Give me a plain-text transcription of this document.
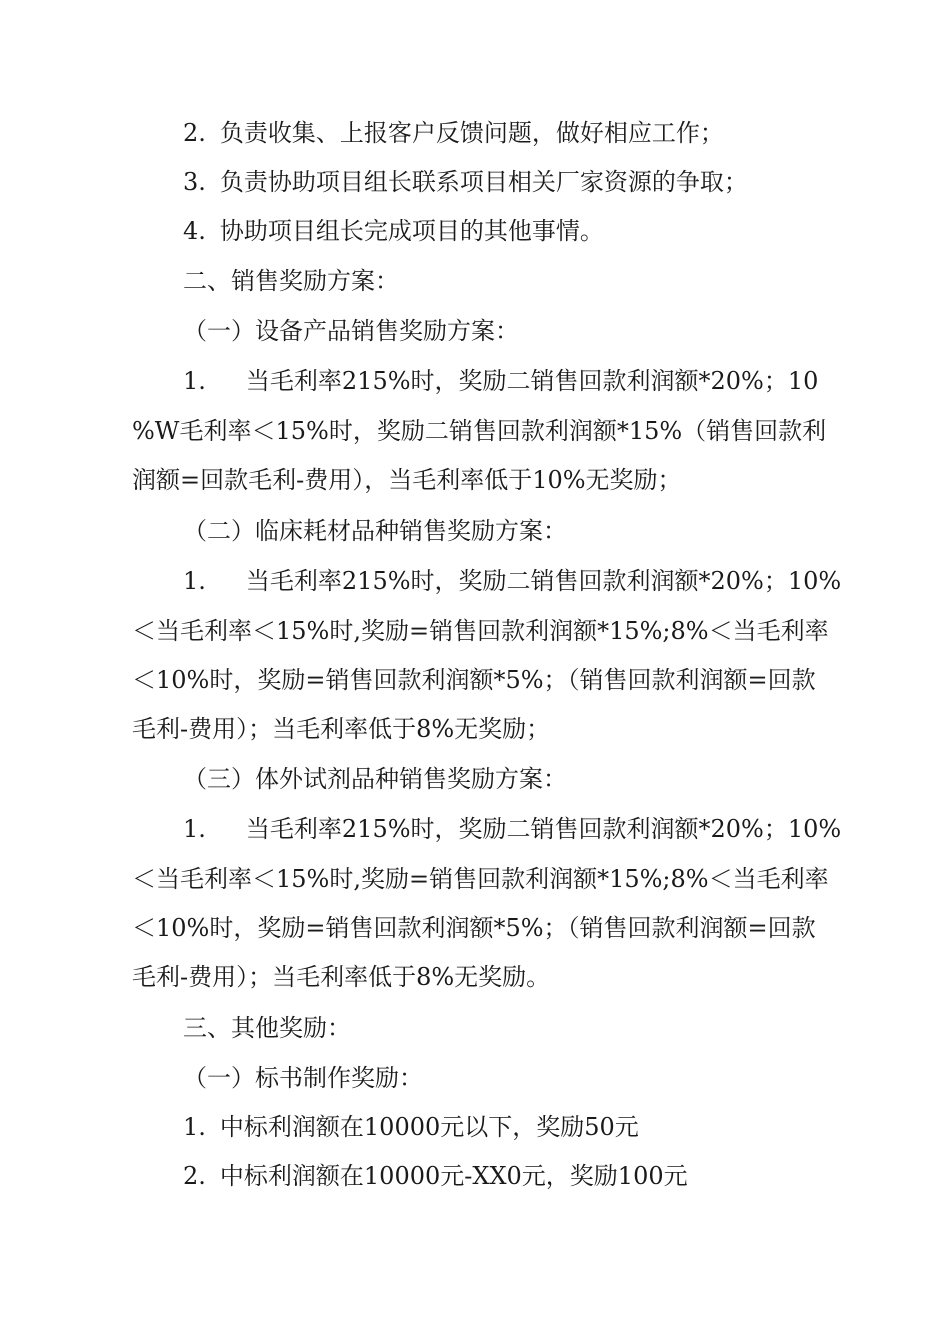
2. 负责收集、上报客户反馈问题，做好相应工作；
3. 负责协助项目组长联系项目相关厂家资源的争取；
4. 协助项目组长完成项目的其他事情。
二、销售奖励方案：
（一）设备产品销售奖励方案：
1. 当毛利率215%时，奖励二销售回款利润额*20%；10
%W毛利率＜15%时，奖励二销售回款利润额*15%（销售回款利
润额=回款毛利-费用），当毛利率低于10%无奖励；
（二）临床耗材品种销售奖励方案：
1. 当毛利率215%时，奖励二销售回款利润额*20%；10%
＜当毛利率＜15%时,奖励=销售回款利润额*15%;8%＜当毛利率
＜10%时，奖励=销售回款利润额*5%；（销售回款利润额=回款
毛利-费用）；当毛利率低于8%无奖励；
（三）体外试剂品种销售奖励方案：
1. 当毛利率215%时，奖励二销售回款利润额*20%；10%
＜当毛利率＜15%时,奖励=销售回款利润额*15%;8%＜当毛利率
＜10%时，奖励=销售回款利润额*5%；（销售回款利润额=回款
毛利-费用）；当毛利率低于8%无奖励。
三、其他奖励：
（一）标书制作奖励：
1. 中标利润额在10000元以下，奖励50元
2. 中标利润额在10000元-XX0元，奖励100元
